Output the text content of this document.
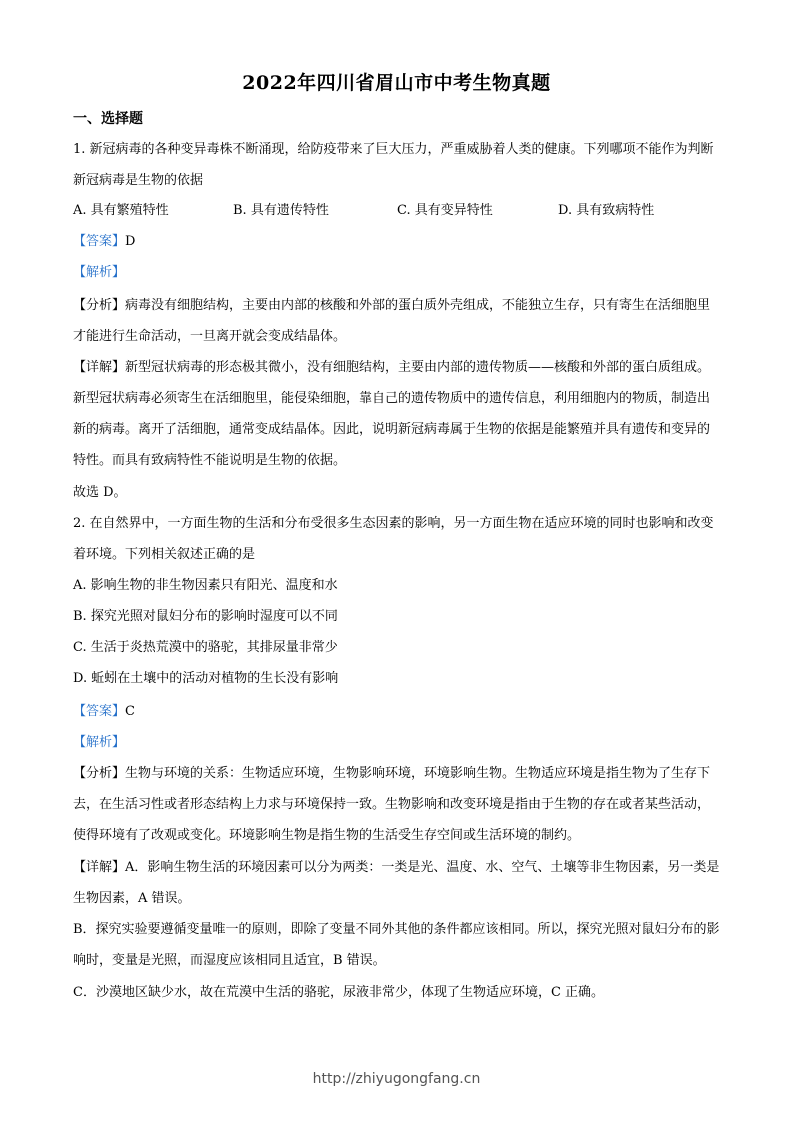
2022年四川省眉山市中考生物真题
一、选择题

1. 新冠病毒的各种变异毒株不断涌现，给防疫带来了巨大压力，严重威胁着人类的健康。下列哪项不能作为判断新冠病毒是生物的依据

A. 具有繁殖特性	B. 具有遗传特性	C. 具有变异特性	D. 具有致病特性
【答案】D
【解析】

【分析】病毒没有细胞结构，主要由内部的核酸和外部的蛋白质外壳组成，不能独立生存，只有寄生在活细胞里才能进行生命活动，一旦离开就会变成结晶体。

【详解】新型冠状病毒的形态极其微小，没有细胞结构，主要由内部的遗传物质——核酸和外部的蛋白质组成。新型冠状病毒必须寄生在活细胞里，能侵染细胞，靠自己的遗传物质中的遗传信息，利用细胞内的物质，制造出新的病毒。离开了活细胞，通常变成结晶体。因此，说明新冠病毒属于生物的依据是能繁殖并具有遗传和变异的特性。而具有致病特性不能说明是生物的依据。

故选 D。

2. 在自然界中，一方面生物的生活和分布受很多生态因素的影响，另一方面生物在适应环境的同时也影响和改变着环境。下列相关叙述正确的是

A. 影响生物的非生物因素只有阳光、温度和水
B. 探究光照对鼠妇分布的影响时湿度可以不同
C. 生活于炎热荒漠中的骆驼，其排尿量非常少
D. 蚯蚓在土壤中的活动对植物的生长没有影响
【答案】C
【解析】

【分析】生物与环境的关系：生物适应环境，生物影响环境，环境影响生物。生物适应环境是指生物为了生存下去，在生活习性或者形态结构上力求与环境保持一致。生物影响和改变环境是指由于生物的存在或者某些活动，使得环境有了改观或变化。环境影响生物是指生物的生活受生存空间或生活环境的制约。

【详解】A．影响生物生活的环境因素可以分为两类：一类是光、温度、水、空气、土壤等非生物因素，另一类是生物因素，A 错误。

B．探究实验要遵循变量唯一的原则，即除了变量不同外其他的条件都应该相同。所以，探究光照对鼠妇分布的影响时，变量是光照，而湿度应该相同且适宜，B 错误。

C．沙漠地区缺少水，故在荒漠中生活的骆驼，尿液非常少，体现了生物适应环境，C 正确。
http://zhiyugongfang.cn
